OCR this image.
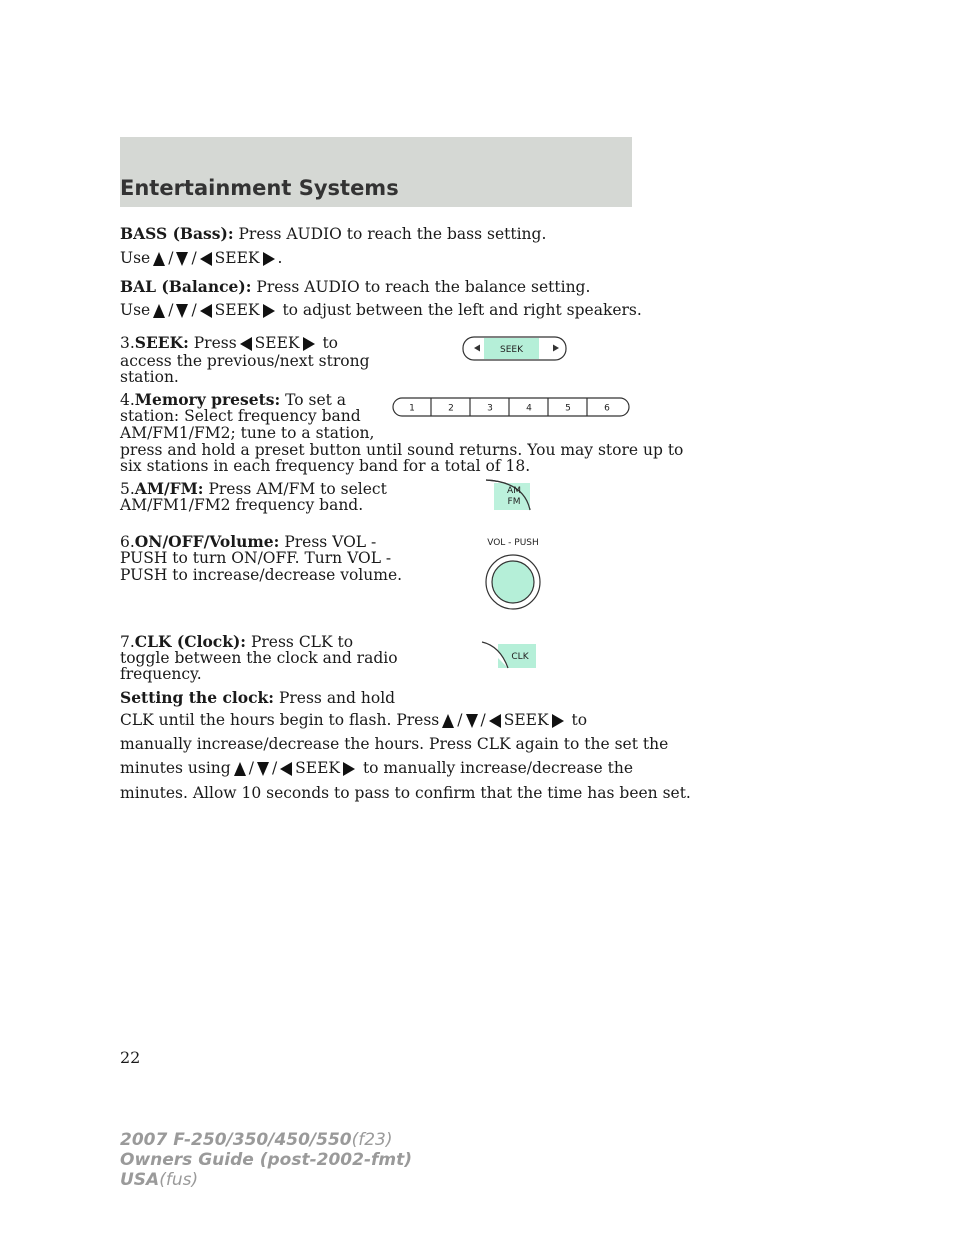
Entertainment Systems
BASS (Bass): Press AUDIO to reach the bass setting.
Use / / SEEK .
BAL (Balance): Press AUDIO to reach the balance setting.
Use / / SEEK to adjust between the left and right speakers.
3.SEEK: Press SEEK to
access the previous/next strong
station.
SEEK
4.Memory presets: To set a
station: Select frequency band
AM/FM1/FM2; tune to a station,
press and hold a preset button until sound returns. You may store up to
six stations in each frequency band for a total of 18.
1	2	3	4	5	6
5.AM/FM: Press AM/FM to select
AM/FM1/FM2 frequency band.
AM
FM
6.ON/OFF/Volume: Press VOL -
PUSH to turn ON/OFF. Turn VOL -
PUSH to increase/decrease volume.
VOL - PUSH
7.CLK (Clock): Press CLK to
toggle between the clock and radio
frequency.
CLK
Setting the clock: Press and hold
CLK until the hours begin to flash. Press / / SEEK to
manually increase/decrease the hours. Press CLK again to the set the
minutes using / / SEEK to manually increase/decrease the
minutes. Allow 10 seconds to pass to confirm that the time has been set.
22
2007 F-250/350/450/550(f23)
Owners Guide (post-2002-fmt)
USA(fus)
